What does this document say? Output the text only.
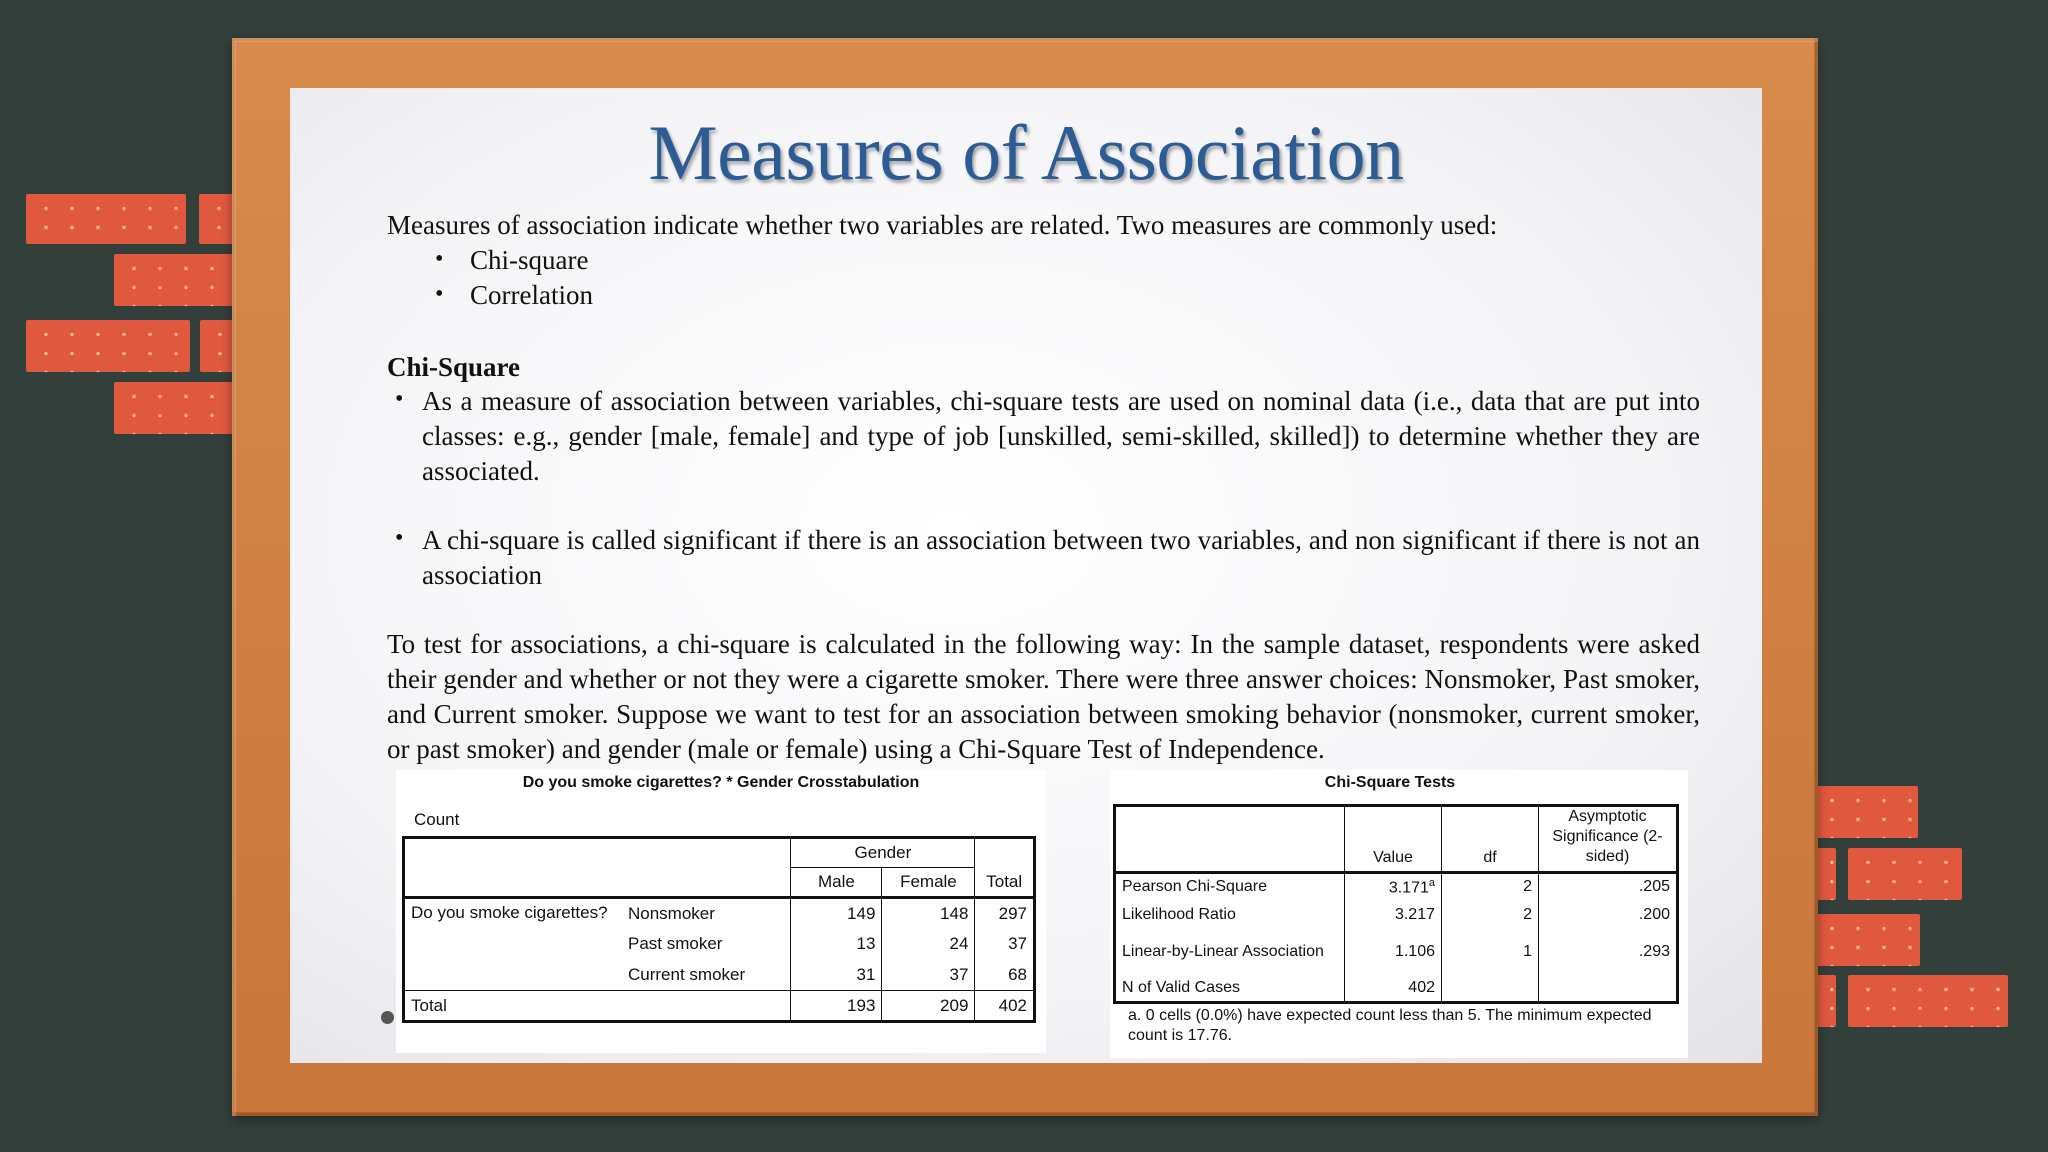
Measures of Association
Measures of association indicate whether two variables are related. Two measures are commonly used:
• Chi-square
• Correlation
Chi-Square
• As a measure of association between variables, chi-square tests are used on nominal data (i.e., data that are put into classes: e.g., gender [male, female] and type of job [unskilled, semi-skilled, skilled]) to determine whether they are associated.
• A chi-square is called significant if there is an association between two variables, and non significant if there is not an association
To test for associations, a chi-square is calculated in the following way: In the sample dataset, respondents were asked their gender and whether or not they were a cigarette smoker. There were three answer choices: Nonsmoker, Past smoker, and Current smoker. Suppose we want to test for an association between smoking behavior (nonsmoker, current smoker, or past smoker) and gender (male or female) using a Chi-Square Test of Independence.
Do you smoke cigarettes? * Gender Crosstabulation
Count
		Gender		Total
		Male	Female	
Do you smoke cigarettes?	Nonsmoker	149	148	297
	Past smoker	13	24	37
	Current smoker	31	37	68
Total		193	209	402
Chi-Square Tests
	Value	df	Asymptotic Significance (2-sided)
Pearson Chi-Square	3.171$^a$	2	.205
Likelihood Ratio	3.217	2	.200
Linear-by-Linear Association	1.106	1	.293
N of Valid Cases	402		
a. 0 cells (0.0%) have expected count less than 5. The minimum expected count is 17.76.
